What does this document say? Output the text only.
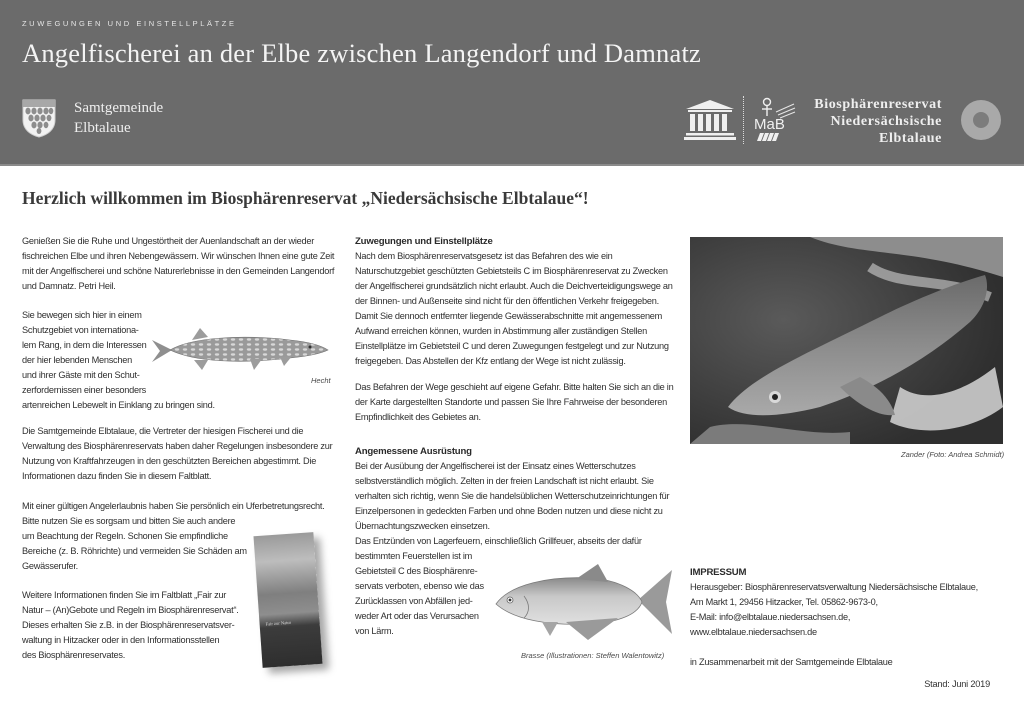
ZUWEGUNGEN UND EINSTELLPLÄTZE
Angelfischerei an der Elbe zwischen Langendorf und Damnatz
Samtgemeinde
Elbtalaue	MaB
Biosphärenreservat
Niedersächsische
Elbtalaue
Herzlich willkommen im Biosphärenreservat „Niedersächsische Elbtalaue“!
Genießen Sie die Ruhe und Ungestörtheit der Auenlandschaft an der wieder fischreichen Elbe und ihren Nebengewässern. Wir wünschen Ihnen eine gute Zeit mit der Angelfischerei und schöne Naturerlebnisse in den Gemeinden Langendorf und Damnatz. Petri Heil.
Sie bewegen sich hier in einem
Schutzgebiet von internationa-
lem Rang, in dem die Interessen
der hier lebenden Menschen
und ihrer Gäste mit den Schut-
zerfordernissen einer besonders
artenreichen Lebewelt in Einklang zu bringen sind.
Hecht
Die Samtgemeinde Elbtalaue, die Vertreter der hiesigen Fischerei und die Verwaltung des Biosphärenreservats haben daher Regelungen insbesondere zur Nutzung von Kraftfahrzeugen in den geschützten Bereichen abgestimmt. Die Informationen dazu finden Sie in diesem Faltblatt.
Mit einer gültigen Angelerlaubnis haben Sie persönlich ein Uferbetretungsrecht.
Bitte nutzen Sie es sorgsam und bitten Sie auch andere
um Beachtung der Regeln. Schonen Sie empfindliche
Bereiche (z. B. Röhrichte) und vermeiden Sie Schäden am
Gewässerufer.
Weitere Informationen finden Sie im Faltblatt „Fair zur
Natur – (An)Gebote und Regeln im Biosphärenreservat“.
Dieses erhalten Sie z.B. in der Biosphärenreservatsver-
waltung in Hitzacker oder in den Informationsstellen
des Biosphärenreservates.
Fair zur Natur
Zuwegungen und Einstellplätze

Nach dem Biosphärenreservatsgesetz ist das Befahren des wie ein Naturschutzgebiet geschützten Gebietsteils C im Biosphärenreservat zu Zwecken der Angelfischerei grundsätzlich nicht erlaubt. Auch die Deichverteidigungswege an der Binnen- und Außenseite sind nicht für den öffentlichen Verkehr freigegeben.

Damit Sie dennoch entfernter liegende Gewässerabschnitte mit angemessenem Aufwand erreichen können, wurden in Abstimmung aller zuständigen Stellen Einstellplätze im Gebietsteil C und deren Zuwegungen festgelegt und zur Nutzung freigegeben. Das Abstellen der Kfz entlang der Wege ist nicht zulässig.

Das Befahren der Wege geschieht auf eigene Gefahr. Bitte halten Sie sich an die in der Karte dargestellten Standorte und passen Sie Ihre Fahrweise der besonderen Empfindlichkeit des Gebietes an.
Angemessene Ausrüstung

Bei der Ausübung der Angelfischerei ist der Einsatz eines Wetterschutzes selbstverständlich möglich. Zelten in der freien Landschaft ist nicht erlaubt. Sie verhalten sich richtig, wenn Sie die handelsüblichen Wetterschutzeinrichtungen für Einzelpersonen in gedeckten Farben und ohne Boden nutzen und diese nicht zu Übernachtungszwecken einsetzen.

Das Entzünden von Lagerfeuern, einschließlich Grillfeuer, abseits der dafür
bestimmten Feuerstellen ist im
Gebietsteil C des Biosphärenre-
servats verboten, ebenso wie das
Zurücklassen von Abfällen jed-
weder Art oder das Verursachen
von Lärm.
Brasse (Illustrationen: Steffen Walentowitz)
Zander (Foto: Andrea Schmidt)
IMPRESSUM
Herausgeber: Biosphärenreservatsverwaltung Niedersächsische Elbtalaue,
Am Markt 1, 29456 Hitzacker, Tel. 05862-9673-0,
E-Mail: info@elbtalaue.niedersachsen.de,
www.elbtalaue.niedersachsen.de
in Zusammenarbeit mit der Samtgemeinde Elbtalaue
Stand: Juni 2019
